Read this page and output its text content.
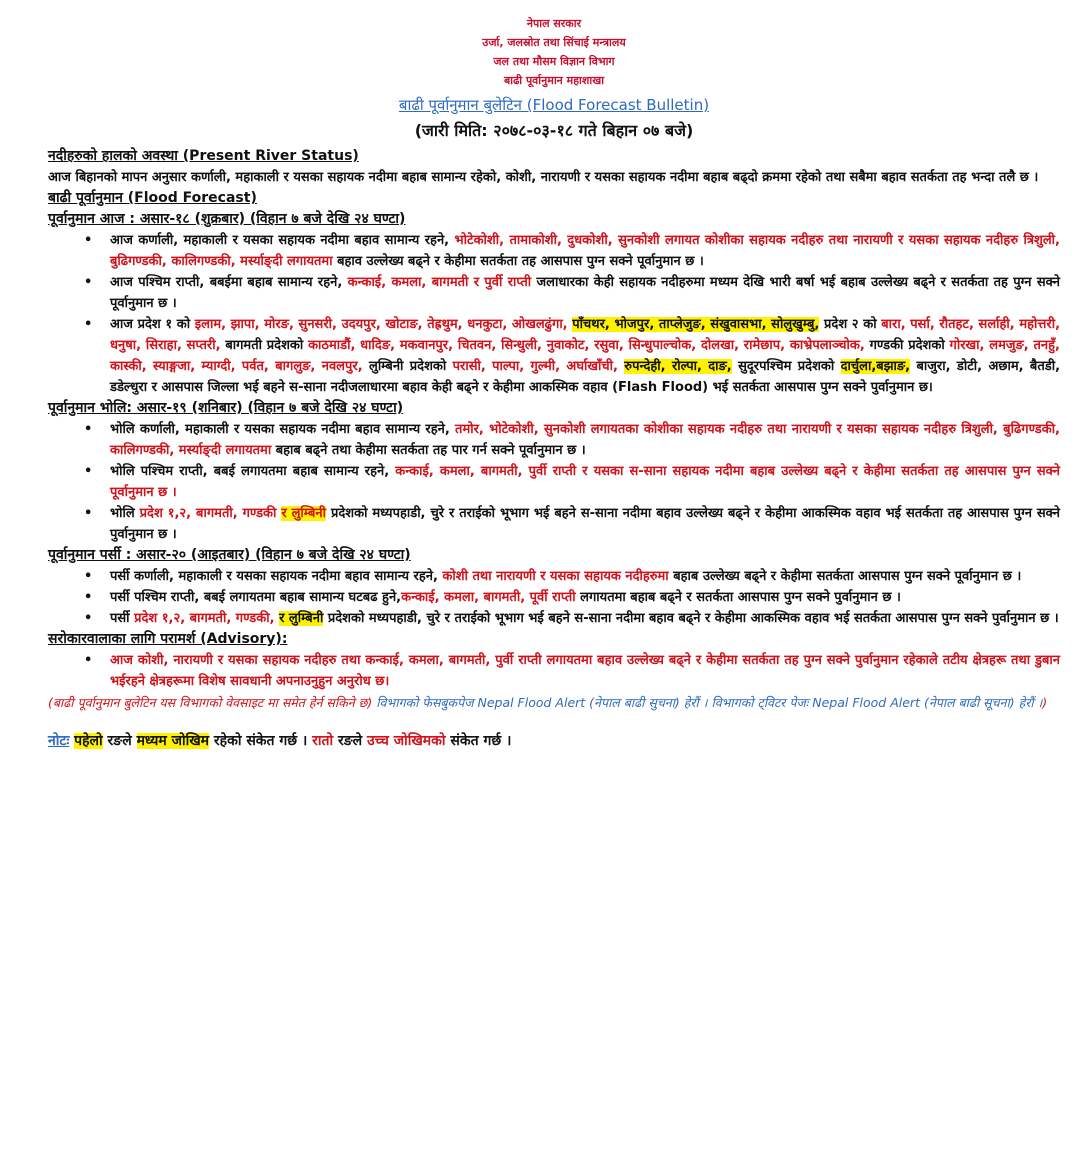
नेपाल सरकार
उर्जा, जलस्रोत तथा सिंचाई मन्त्रालय
जल तथा मौसम विज्ञान विभाग
बाढी पूर्वानुमान महाशाखा
बाढी पूर्वानुमान बुलेटिन (Flood Forecast Bulletin)
(जारी मिति: २०७८-०३-१८ गते बिहान ०७ बजे)

नदीहरुको हालको अवस्था (Present River Status)

आज बिहानको मापन अनुसार कर्णाली, महाकाली र यसका सहायक नदीमा बहाब सामान्य रहेको, कोशी, नारायणी र यसका सहायक नदीमा बहाब बढ्दो क्रममा रहेको तथा सबैमा बहाव सतर्कता तह भन्दा तलै छ ।

बाढी पूर्वानुमान (Flood Forecast)

पूर्वानुमान आज : असार-१८ (शुक्रबार) (विहान ७ बजे देखि २४ घण्टा)

• आज कर्णाली, महाकाली र यसका सहायक नदीमा बहाव सामान्य रहने, भोटेकोशी, तामाकोशी, दुधकोशी, सुनकोशी लगायत कोशीका सहायक नदीहरु तथा नारायणी र यसका सहायक नदीहरु त्रिशुली, बुढिगण्डकी, कालिगण्डकी, मर्स्याङ्दी लगायतमा बहाव उल्लेख्य बढ्ने र केहीमा सतर्कता तह आसपास पुग्न सक्ने पूर्वानुमान छ ।
• आज पश्चिम राप्ती, बबईमा बहाब सामान्य रहने, कन्काई, कमला, बागमती र पुर्वी राप्ती जलाधारका केही सहायक नदीहरुमा मध्यम देखि भारी बर्षा भई बहाब उल्लेख्य बढ्ने र सतर्कता तह पुग्न सक्ने पूर्वानुमान छ ।
• आज प्रदेश १ को इलाम, झापा, मोरङ, सुनसरी, उदयपुर, खोटाङ, तेह्रथुम, धनकुटा, ओखलढुंगा, पाँचथर, भोजपुर, ताप्लेजुङ, संखुवासभा, सोलुखुम्बु, प्रदेश २ को बारा, पर्सा, रौतहट, सर्लाही, महोत्तरी, धनुषा, सिराहा, सप्तरी, बागमती प्रदेशको काठमाडौं, धादिङ, मकवानपुर, चितवन, सिन्धुली, नुवाकोट, रसुवा, सिन्धुपाल्चोक, दोलखा, रामेछाप, काभ्रेपलाञ्चोक, गण्डकी प्रदेशको गोरखा, लमजुङ, तनहुँ, कास्की, स्याङ्गजा, म्याग्दी, पर्वत, बागलुङ, नवलपुर, लुम्बिनी प्रदेशको परासी, पाल्पा, गुल्मी, अर्घाखाँची, रुपन्देही, रोल्पा, दाङ, सुदूरपश्चिम प्रदेशको दार्चुला,बझाङ, बाजुरा, डोटी, अछाम, बैतडी, डडेल्धुरा र आसपास जिल्ला भई बहने स-साना नदीजलाधारमा बहाव केही बढ्ने र केहीमा आकस्मिक वहाव (Flash Flood) भई सतर्कता आसपास पुग्न सक्ने पुर्वानुमान छ।

पूर्वानुमान भोलि: असार-१९ (शनिबार) (विहान ७ बजे देखि २४ घण्टा)

• भोलि कर्णाली, महाकाली र यसका सहायक नदीमा बहाव सामान्य रहने, तमोर, भोटेकोशी, सुनकोशी लगायतका कोशीका सहायक नदीहरु तथा नारायणी र यसका सहायक नदीहरु त्रिशुली, बुढिगण्डकी, कालिगण्डकी, मर्स्याङ्दी लगायतमा बहाब बढ्ने तथा केहीमा सतर्कता तह पार गर्न सक्ने पूर्वानुमान छ ।
• भोलि पश्चिम राप्ती, बबई लगायतमा बहाब सामान्य रहने, कन्काई, कमला, बागमती, पुर्वी राप्ती र यसका स-साना सहायक नदीमा बहाब उल्लेख्य बढ्ने र केहीमा सतर्कता तह आसपास पुग्न सक्ने पूर्वानुमान छ ।
• भोलि प्रदेश १,२, बागमती, गण्डकी र लुम्बिनी प्रदेशको मध्यपहाडी, चुरे र तराईको भूभाग भई बहने स-साना नदीमा बहाव उल्लेख्य बढ्ने र केहीमा आकस्मिक वहाव भई सतर्कता तह आसपास पुग्न सक्ने पुर्वानुमान छ ।

पूर्वानुमान पर्सी : असार-२० (आइतबार) (विहान ७ बजे देखि २४ घण्टा)

• पर्सी कर्णाली, महाकाली र यसका सहायक नदीमा बहाव सामान्य रहने, कोशी तथा नारायणी र यसका सहायक नदीहरुमा बहाब उल्लेख्य बढ्ने र केहीमा सतर्कता आसपास पुग्न सक्ने पूर्वानुमान छ ।
• पर्सी पश्चिम राप्ती, बबई लगायतमा बहाब सामान्य घटबढ हुने,कन्काई, कमला, बागमती, पूर्वी राप्ती लगायतमा बहाब बढ्ने र सतर्कता आसपास पुग्न सक्ने पुर्वानुमान छ ।
• पर्सी प्रदेश १,२, बागमती, गण्डकी, र लुम्बिनी प्रदेशको मध्यपहाडी, चुरे र तराईको भूभाग भई बहने स-साना नदीमा बहाव बढ्ने र केहीमा आकस्मिक वहाव भई सतर्कता आसपास पुग्न सक्ने पुर्वानुमान छ ।

सरोकारवालाका लागि परामर्श (Advisory):

• आज कोशी, नारायणी र यसका सहायक नदीहरु तथा कन्काई, कमला, बागमती, पुर्वी राप्ती लगायतमा बहाव उल्लेख्य बढ्ने र केहीमा सतर्कता तह पुग्न सक्ने पुर्वानुमान रहेकाले तटीय क्षेत्रहरू तथा डुबान भईरहने क्षेत्रहरूमा विशेष सावधानी अपनाउनुहुन अनुरोध छ।
(बाढी पूर्वानुमान बुलेटिन यस विभागको वेवसाइट मा समेत हेर्न सकिने छ) विभागको फेसबुकपेज Nepal Flood Alert (नेपाल बाढी सुचना) हेरौं । विभागको ट्विटर पेजः Nepal Flood Alert (नेपाल बाढी सूचना) हेरौं ।)
नोटः पहेलो रङले मध्यम जोखिम रहेको संकेत गर्छ । रातो रङले उच्च जोखिमको संकेत गर्छ ।
